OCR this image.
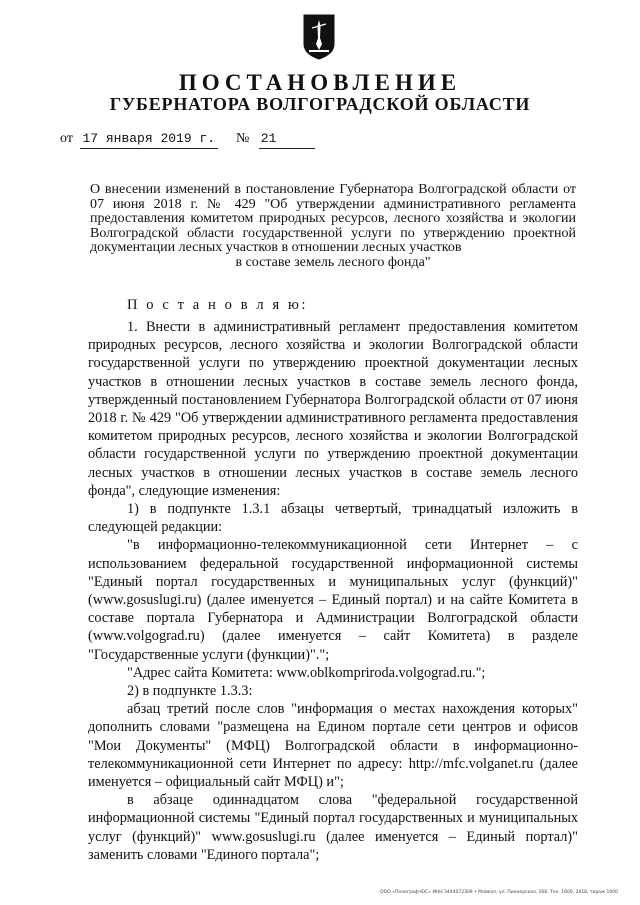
ПОСТАНОВЛЕНИЕ
ГУБЕРНАТОРА ВОЛГОГРАДСКОЙ ОБЛАСТИ
от 17 января 2019 г. № 21
О внесении изменений в постановление Губернатора Волгоградской области от 07 июня 2018 г. № 429 "Об утверждении административного регламента предоставления комитетом природных ресурсов, лесного хозяйства и экологии Волгоградской области государственной услуги по утверждению проектной документации лесных участков в отношении лесных участков
в составе земель лесного фонда"
П о с т а н о в л я ю:

1. Внести в административный регламент предоставления комитетом природных ресурсов, лесного хозяйства и экологии Волгоградской области государственной услуги по утверждению проектной документации лесных участков в отношении лесных участков в составе земель лесного фонда, утвержденный постановлением Губернатора Волгоградской области от 07 июня 2018 г. № 429 "Об утверждении административного регламента предоставления комитетом природных ресурсов, лесного хозяйства и экологии Волгоградской области государственной услуги по утверждению проектной документации лесных участков в отношении лесных участков в составе земель лесного фонда", следующие изменения:

1) в подпункте 1.3.1 абзацы четвертый, тринадцатый изложить в следующей редакции:

"в информационно-телекоммуникационной сети Интернет – с использованием федеральной государственной информационной системы "Единый портал государственных и муниципальных услуг (функций)" (www.gosuslugi.ru) (далее именуется – Единый портал) и на сайте Комитета в составе портала Губернатора и Администрации Волгоградской области (www.volgograd.ru) (далее именуется – сайт Комитета) в разделе "Государственные услуги (функции)".";

"Адрес сайта Комитета: www.oblkompriroda.volgograd.ru.";

2) в подпункте 1.3.3:

абзац третий после слов "информация о местах нахождения которых" дополнить словами "размещена на Едином портале сети центров и офисов "Мои Документы" (МФЦ) Волгоградской области в информационно-телекоммуникационной сети Интернет по адресу: http://mfc.volganet.ru (далее именуется – официальный сайт МФЦ) и";

в абзаце одиннадцатом слова "федеральной государственной информационной системы "Единый портал государственных и муниципальных услуг (функций)" www.gosuslugi.ru (далее именуется – Единый портал)" заменить словами "Единого портала";

ООО «Полиграф-ЮС» ИНН 3444072309 • Майкоп, ул. Пионерская, 268. Тел. 1600, 2018, тираж 1000
